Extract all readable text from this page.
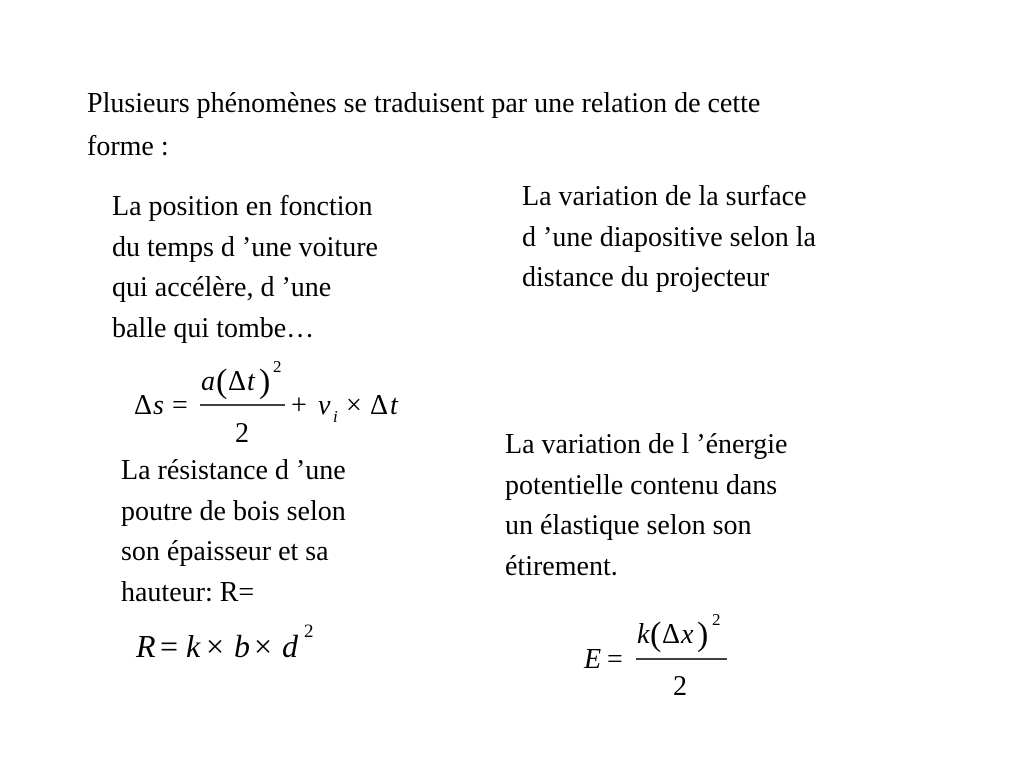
Plusieurs phénomènes se traduisent par une relation de cette
forme :

La position en fonction
du temps d ’une voiture
qui accélère, d ’une
balle qui tombe…

La variation de la surface
d ’une diapositive selon la
distance du projecteur

La résistance d ’une
poutre de bois selon
son épaisseur et sa
hauteur: R=

La variation de l ’énergie
potentielle contenu dans
un élastique selon son
étirement.

Δ s =
a ( Δ t ) 2
2
+ v i × Δ t
R = k × b × d 2
E =
k ( Δ x ) 2
2
